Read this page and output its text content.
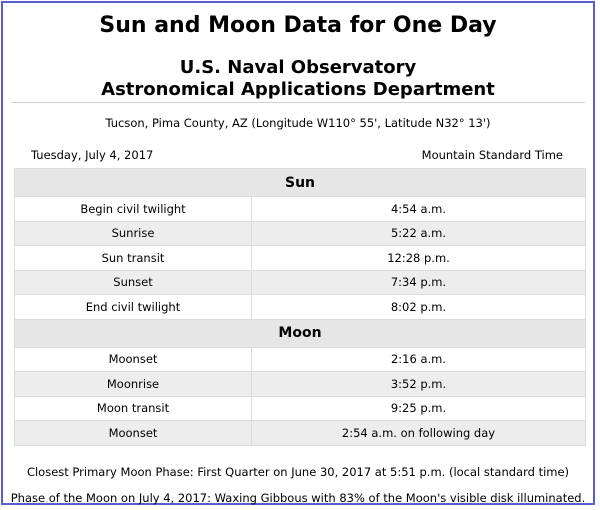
Sun and Moon Data for One Day
U.S. Naval Observatory
Astronomical Applications Department
Tucson, Pima County, AZ (Longitude W110° 55', Latitude N32° 13')
Tuesday, July 4, 2017	Mountain Standard Time
Sun	
Begin civil twilight	4:54 a.m.
Sunrise	5:22 a.m.
Sun transit	12:28 p.m.
Sunset	7:34 p.m.
End civil twilight	8:02 p.m.
Moon	
Moonset	2:16 a.m.
Moonrise	3:52 p.m.
Moon transit	9:25 p.m.
Moonset	2:54 a.m. on following day
Closest Primary Moon Phase: First Quarter on June 30, 2017 at 5:51 p.m. (local standard time)
Phase of the Moon on July 4, 2017: Waxing Gibbous with 83% of the Moon's visible disk illuminated.
